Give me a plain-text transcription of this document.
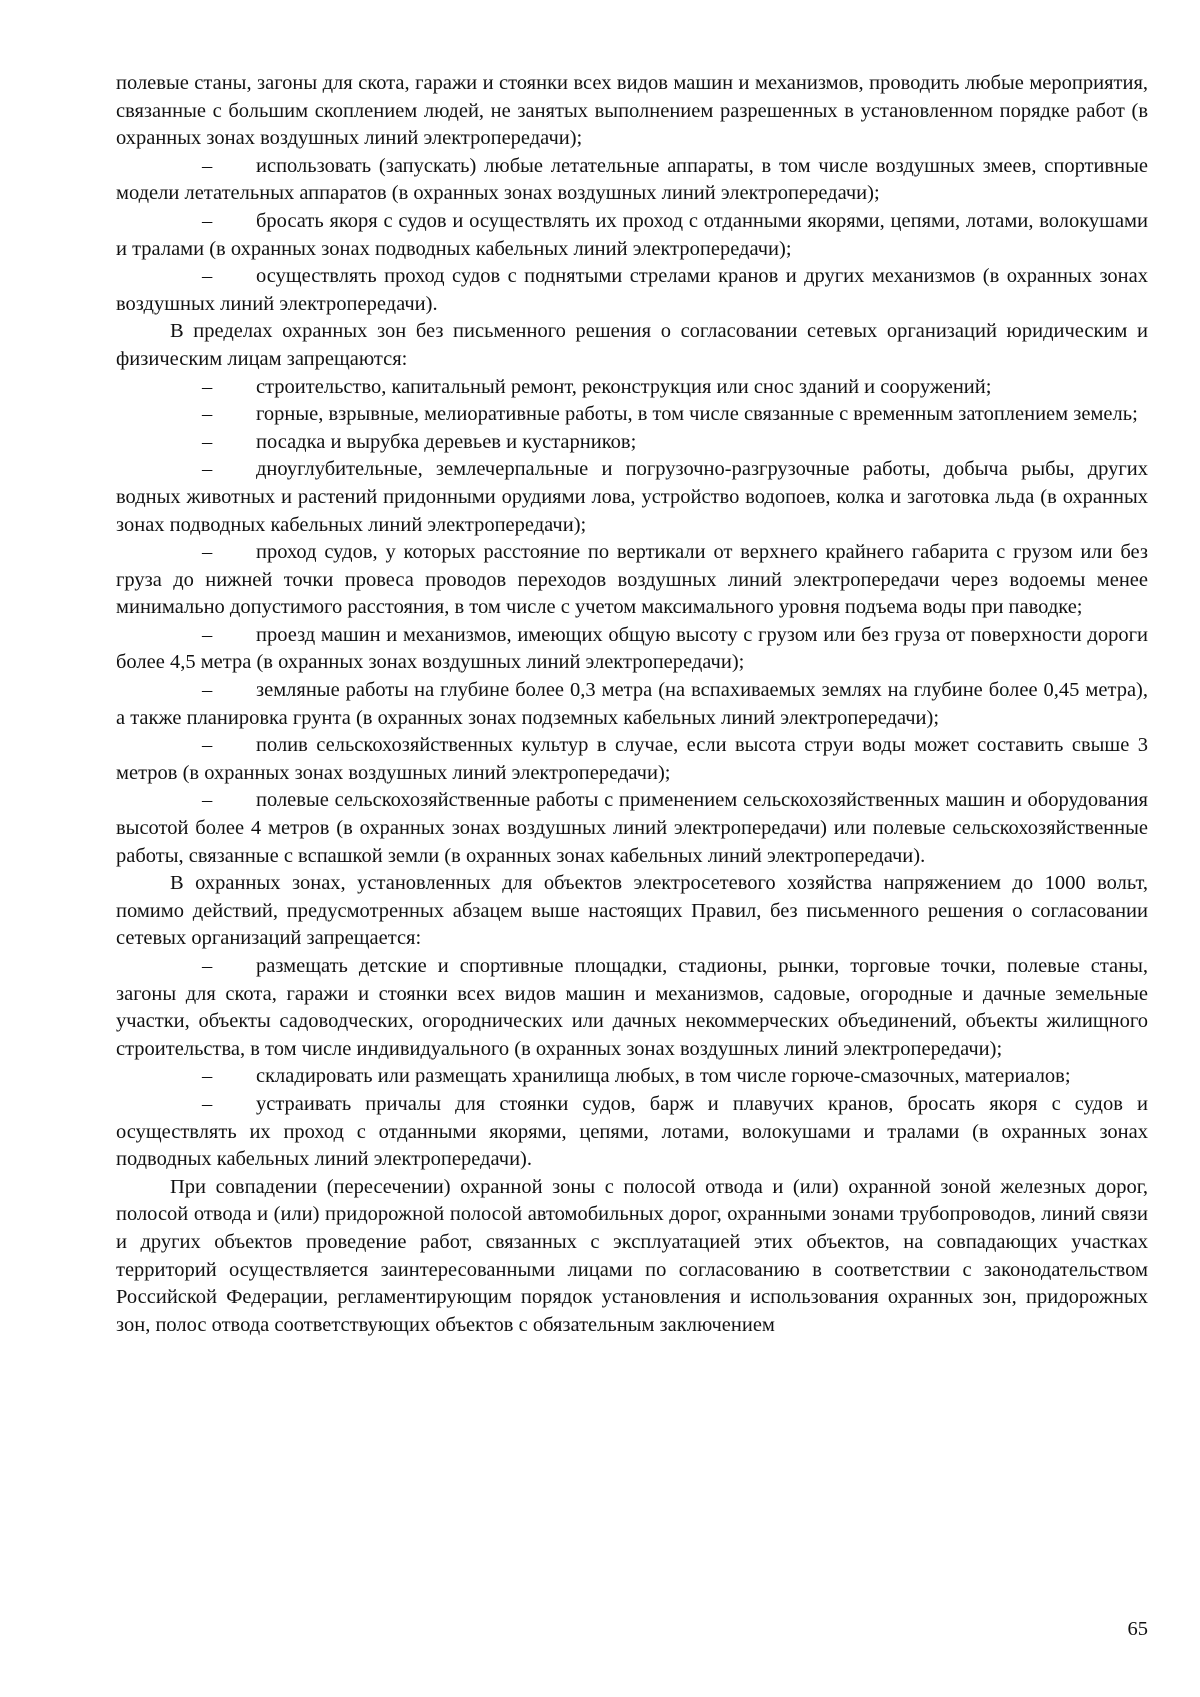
полевые станы, загоны для скота, гаражи и стоянки всех видов машин и механизмов, проводить любые мероприятия, связанные с большим скоплением людей, не занятых выполнением разрешенных в установленном порядке работ (в охранных зонах воздушных линий электропередачи);

– использовать (запускать) любые летательные аппараты, в том числе воздушных змеев, спортивные модели летательных аппаратов (в охранных зонах воздушных линий электропередачи);

– бросать якоря с судов и осуществлять их проход с отданными якорями, цепями, лотами, волокушами и тралами (в охранных зонах подводных кабельных линий электропередачи);

– осуществлять проход судов с поднятыми стрелами кранов и других механизмов (в охранных зонах воздушных линий электропередачи).

В пределах охранных зон без письменного решения о согласовании сетевых организаций юридическим и физическим лицам запрещаются:

– строительство, капитальный ремонт, реконструкция или снос зданий и сооружений;

– горные, взрывные, мелиоративные работы, в том числе связанные с временным затоплением земель;

– посадка и вырубка деревьев и кустарников;

– дноуглубительные, землечерпальные и погрузочно-разгрузочные работы, добыча рыбы, других водных животных и растений придонными орудиями лова, устройство водопоев, колка и заготовка льда (в охранных зонах подводных кабельных линий электропередачи);

– проход судов, у которых расстояние по вертикали от верхнего крайнего габарита с грузом или без груза до нижней точки провеса проводов переходов воздушных линий электропередачи через водоемы менее минимально допустимого расстояния, в том числе с учетом максимального уровня подъема воды при паводке;

– проезд машин и механизмов, имеющих общую высоту с грузом или без груза от поверхности дороги более 4,5 метра (в охранных зонах воздушных линий электропередачи);

– земляные работы на глубине более 0,3 метра (на вспахиваемых землях на глубине более 0,45 метра), а также планировка грунта (в охранных зонах подземных кабельных линий электропередачи);

– полив сельскохозяйственных культур в случае, если высота струи воды может составить свыше 3 метров (в охранных зонах воздушных линий электропередачи);

– полевые сельскохозяйственные работы с применением сельскохозяйственных машин и оборудования высотой более 4 метров (в охранных зонах воздушных линий электропередачи) или полевые сельскохозяйственные работы, связанные с вспашкой земли (в охранных зонах кабельных линий электропередачи).

В охранных зонах, установленных для объектов электросетевого хозяйства напряжением до 1000 вольт, помимо действий, предусмотренных абзацем выше настоящих Правил, без письменного решения о согласовании сетевых организаций запрещается:

– размещать детские и спортивные площадки, стадионы, рынки, торговые точки, полевые станы, загоны для скота, гаражи и стоянки всех видов машин и механизмов, садовые, огородные и дачные земельные участки, объекты садоводческих, огороднических или дачных некоммерческих объединений, объекты жилищного строительства, в том числе индивидуального (в охранных зонах воздушных линий электропередачи);

– складировать или размещать хранилища любых, в том числе горюче-смазочных, материалов;

– устраивать причалы для стоянки судов, барж и плавучих кранов, бросать якоря с судов и осуществлять их проход с отданными якорями, цепями, лотами, волокушами и тралами (в охранных зонах подводных кабельных линий электропередачи).

При совпадении (пересечении) охранной зоны с полосой отвода и (или) охранной зоной железных дорог, полосой отвода и (или) придорожной полосой автомобильных дорог, охранными зонами трубопроводов, линий связи и других объектов проведение работ, связанных с эксплуатацией этих объектов, на совпадающих участках территорий осуществляется заинтересованными лицами по согласованию в соответствии с законодательством Российской Федерации, регламентирующим порядок установления и использования охранных зон, придорожных зон, полос отвода соответствующих объектов с обязательным заключением

65
